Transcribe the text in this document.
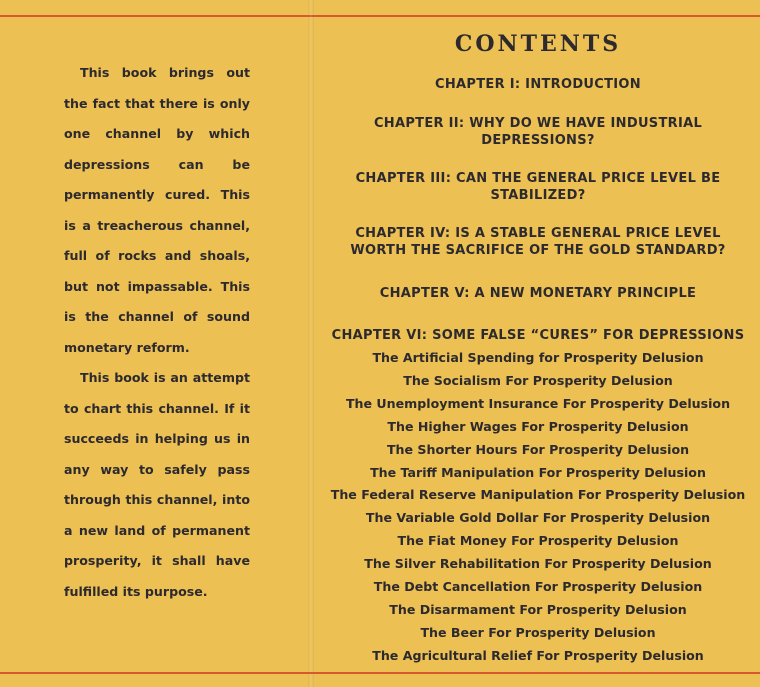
This book brings out the fact that there is only one channel by which depressions can be permanently cured. This is a treacherous channel, full of rocks and shoals, but not impassable. This is the channel of sound monetary reform.

This book is an attempt to chart this channel. If it succeeds in helping us in any way to safely pass through this channel, into a new land of permanent prosperity, it shall have fulfilled its purpose.

CONTENTS

CHAPTER I: INTRODUCTION

CHAPTER II: WHY DO WE HAVE INDUSTRIAL DEPRESSIONS?

CHAPTER III: CAN THE GENERAL PRICE LEVEL BE STABILIZED?

CHAPTER IV: IS A STABLE GENERAL PRICE LEVEL WORTH THE SACRIFICE OF THE GOLD STANDARD?

CHAPTER V: A NEW MONETARY PRINCIPLE

CHAPTER VI: SOME FALSE “CURES” FOR DEPRESSIONS

The Artificial Spending for Prosperity Delusion
The Socialism For Prosperity Delusion
The Unemployment Insurance For Prosperity Delusion
The Higher Wages For Prosperity Delusion
The Shorter Hours For Prosperity Delusion
The Tariff Manipulation For Prosperity Delusion
The Federal Reserve Manipulation For Prosperity Delusion
The Variable Gold Dollar For Prosperity Delusion
The Fiat Money For Prosperity Delusion
The Silver Rehabilitation For Prosperity Delusion
The Debt Cancellation For Prosperity Delusion
The Disarmament For Prosperity Delusion
The Beer For Prosperity Delusion
The Agricultural Relief For Prosperity Delusion
